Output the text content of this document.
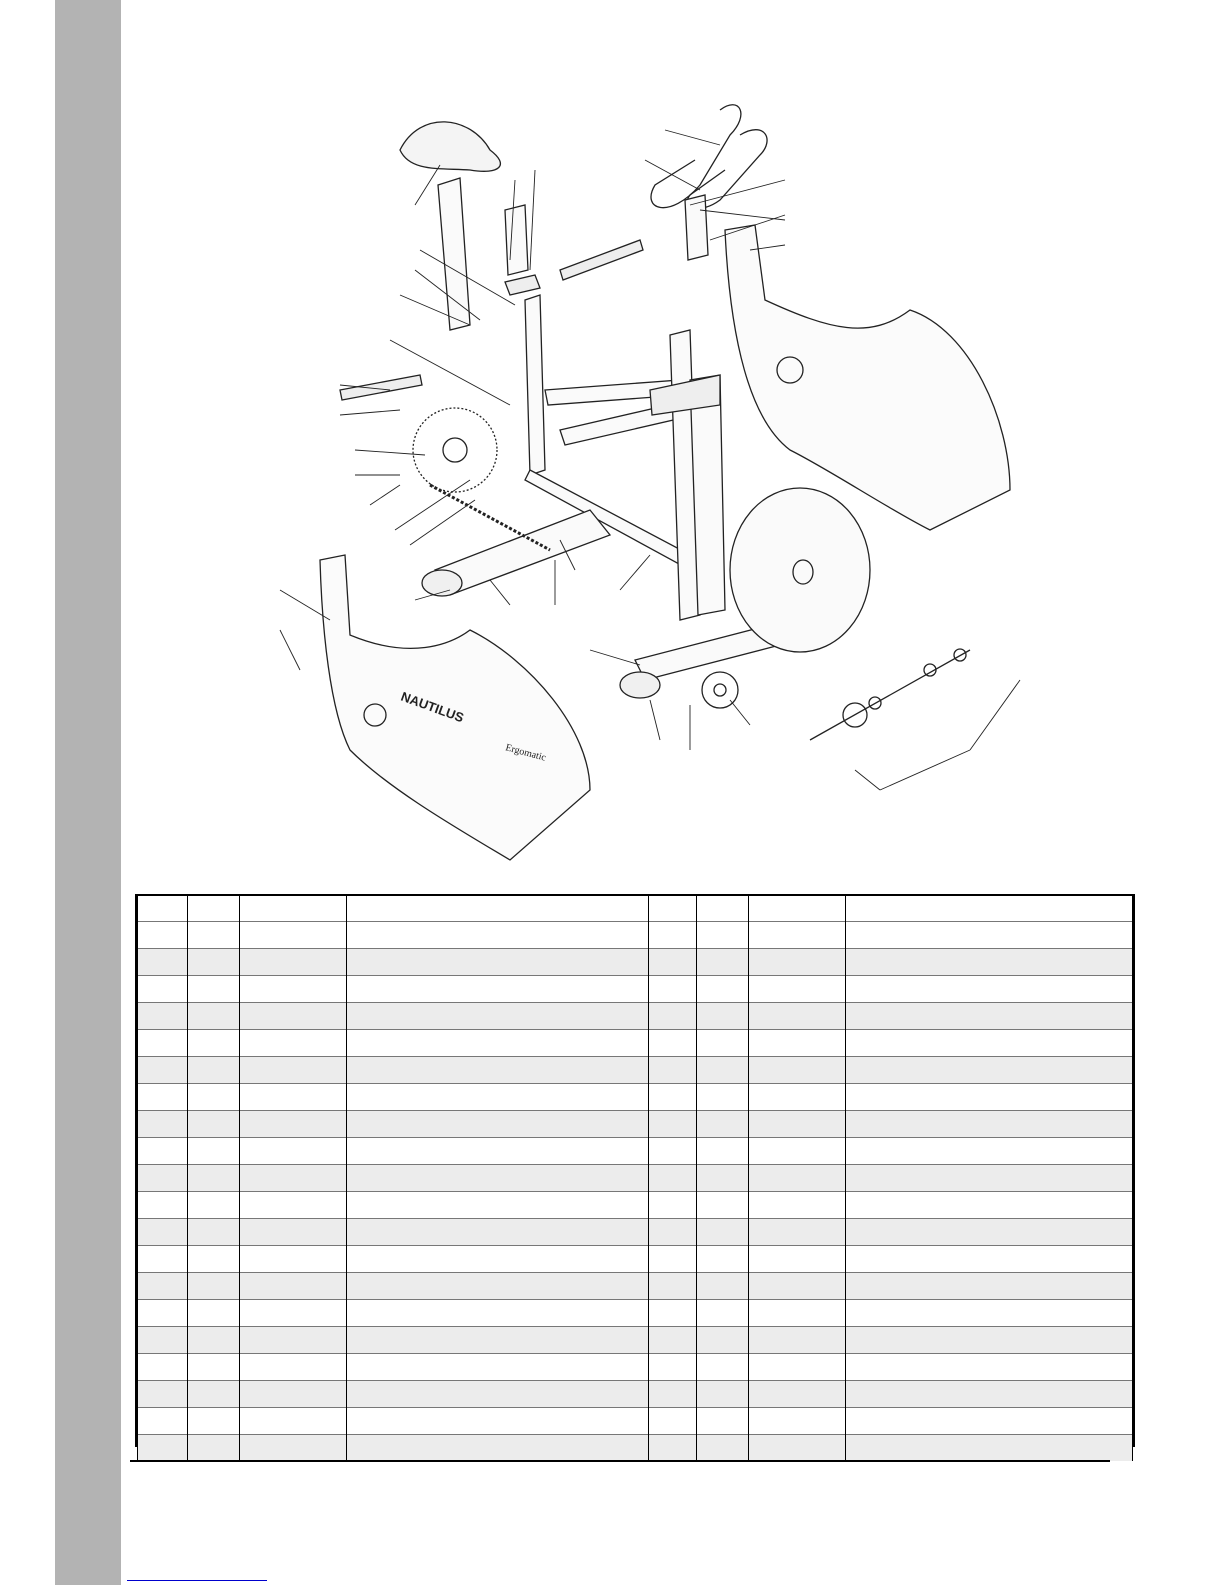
NAUTILUS
Ergomatic
